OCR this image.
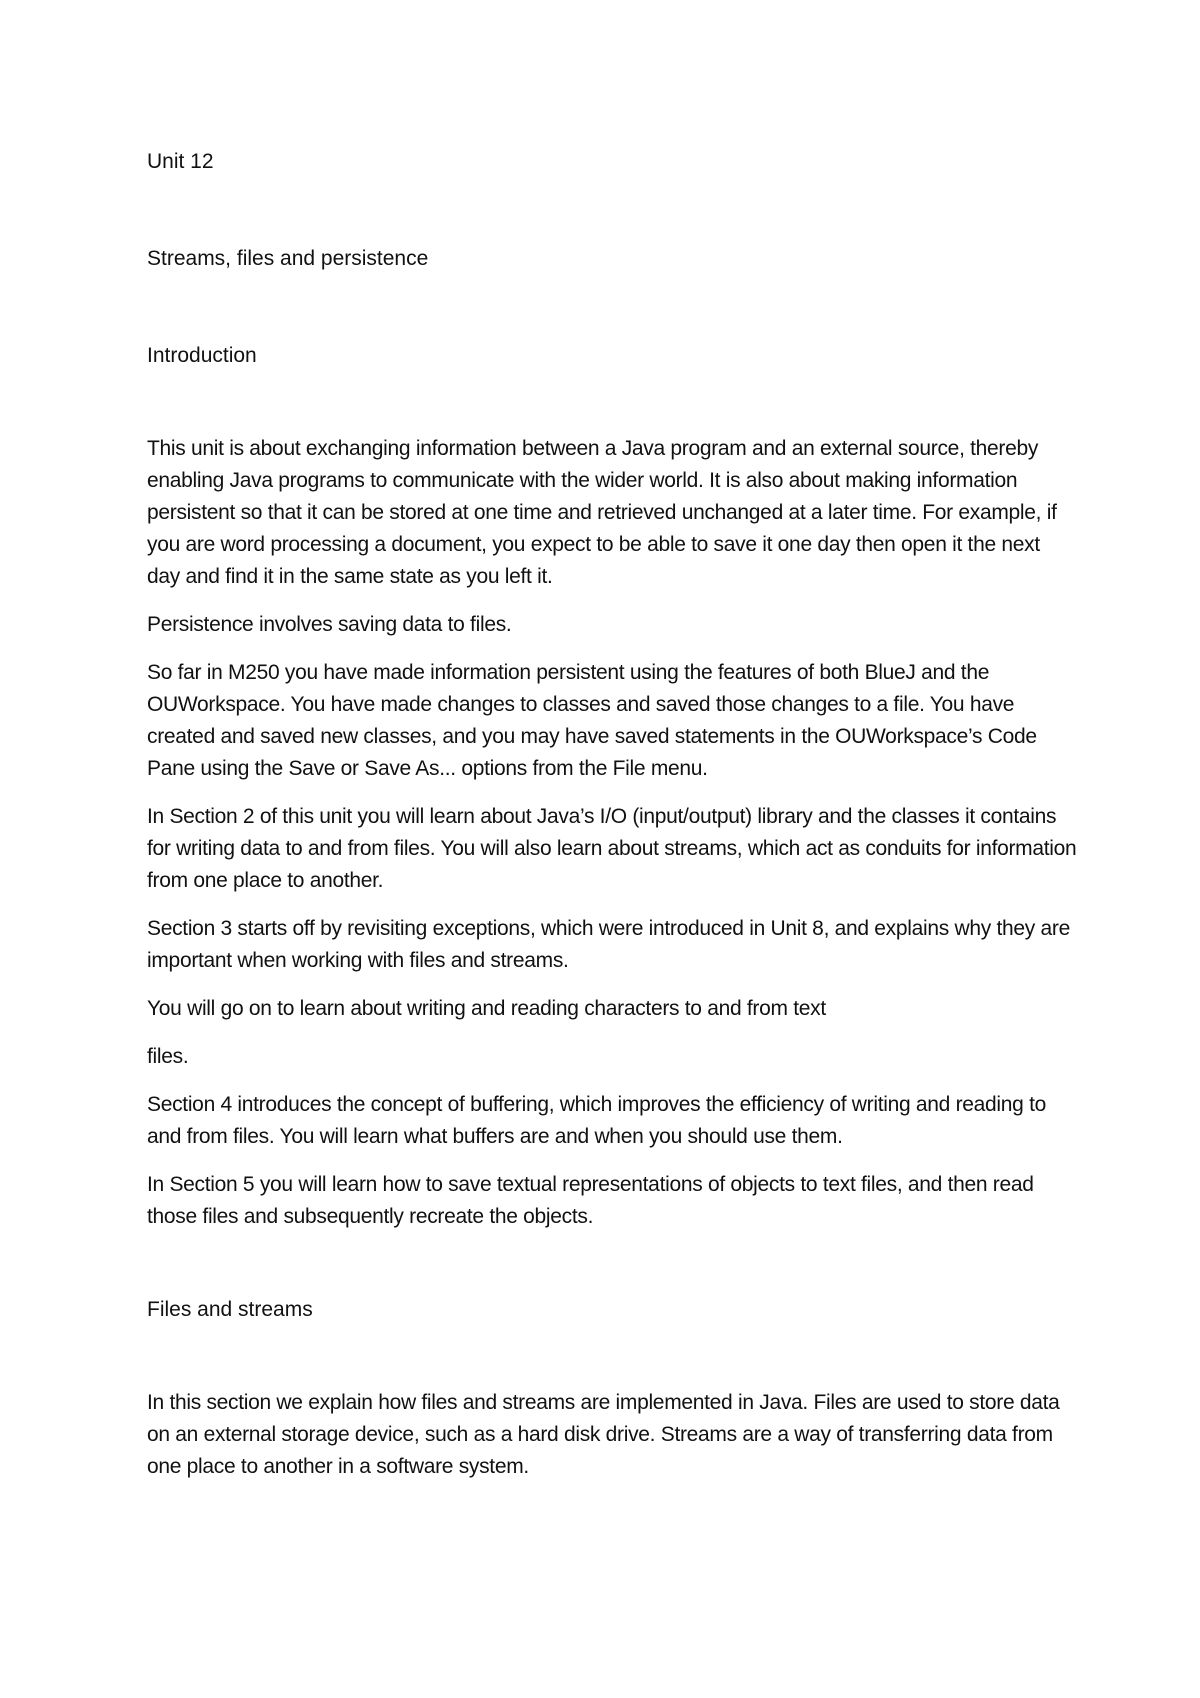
Unit 12

Streams, files and persistence

Introduction

This unit is about exchanging information between a Java program and an external source, thereby enabling Java programs to communicate with the wider world. It is also about making information persistent so that it can be stored at one time and retrieved unchanged at a later time. For example, if you are word processing a document, you expect to be able to save it one day then open it the next day and find it in the same state as you left it.

Persistence involves saving data to files.

So far in M250 you have made information persistent using the features of both BlueJ and the OUWorkspace. You have made changes to classes and saved those changes to a file. You have created and saved new classes, and you may have saved statements in the OUWorkspace’s Code Pane using the Save or Save As... options from the File menu.

In Section 2 of this unit you will learn about Java’s I/O (input/output) library and the classes it contains for writing data to and from files. You will also learn about streams, which act as conduits for information from one place to another.

Section 3 starts off by revisiting exceptions, which were introduced in Unit 8, and explains why they are important when working with files and streams.

You will go on to learn about writing and reading characters to and from text

files.

Section 4 introduces the concept of buffering, which improves the efficiency of writing and reading to and from files. You will learn what buffers are and when you should use them.

In Section 5 you will learn how to save textual representations of objects to text files, and then read those files and subsequently recreate the objects.

Files and streams

In this section we explain how files and streams are implemented in Java. Files are used to store data on an external storage device, such as a hard disk drive. Streams are a way of transferring data from one place to another in a software system.
